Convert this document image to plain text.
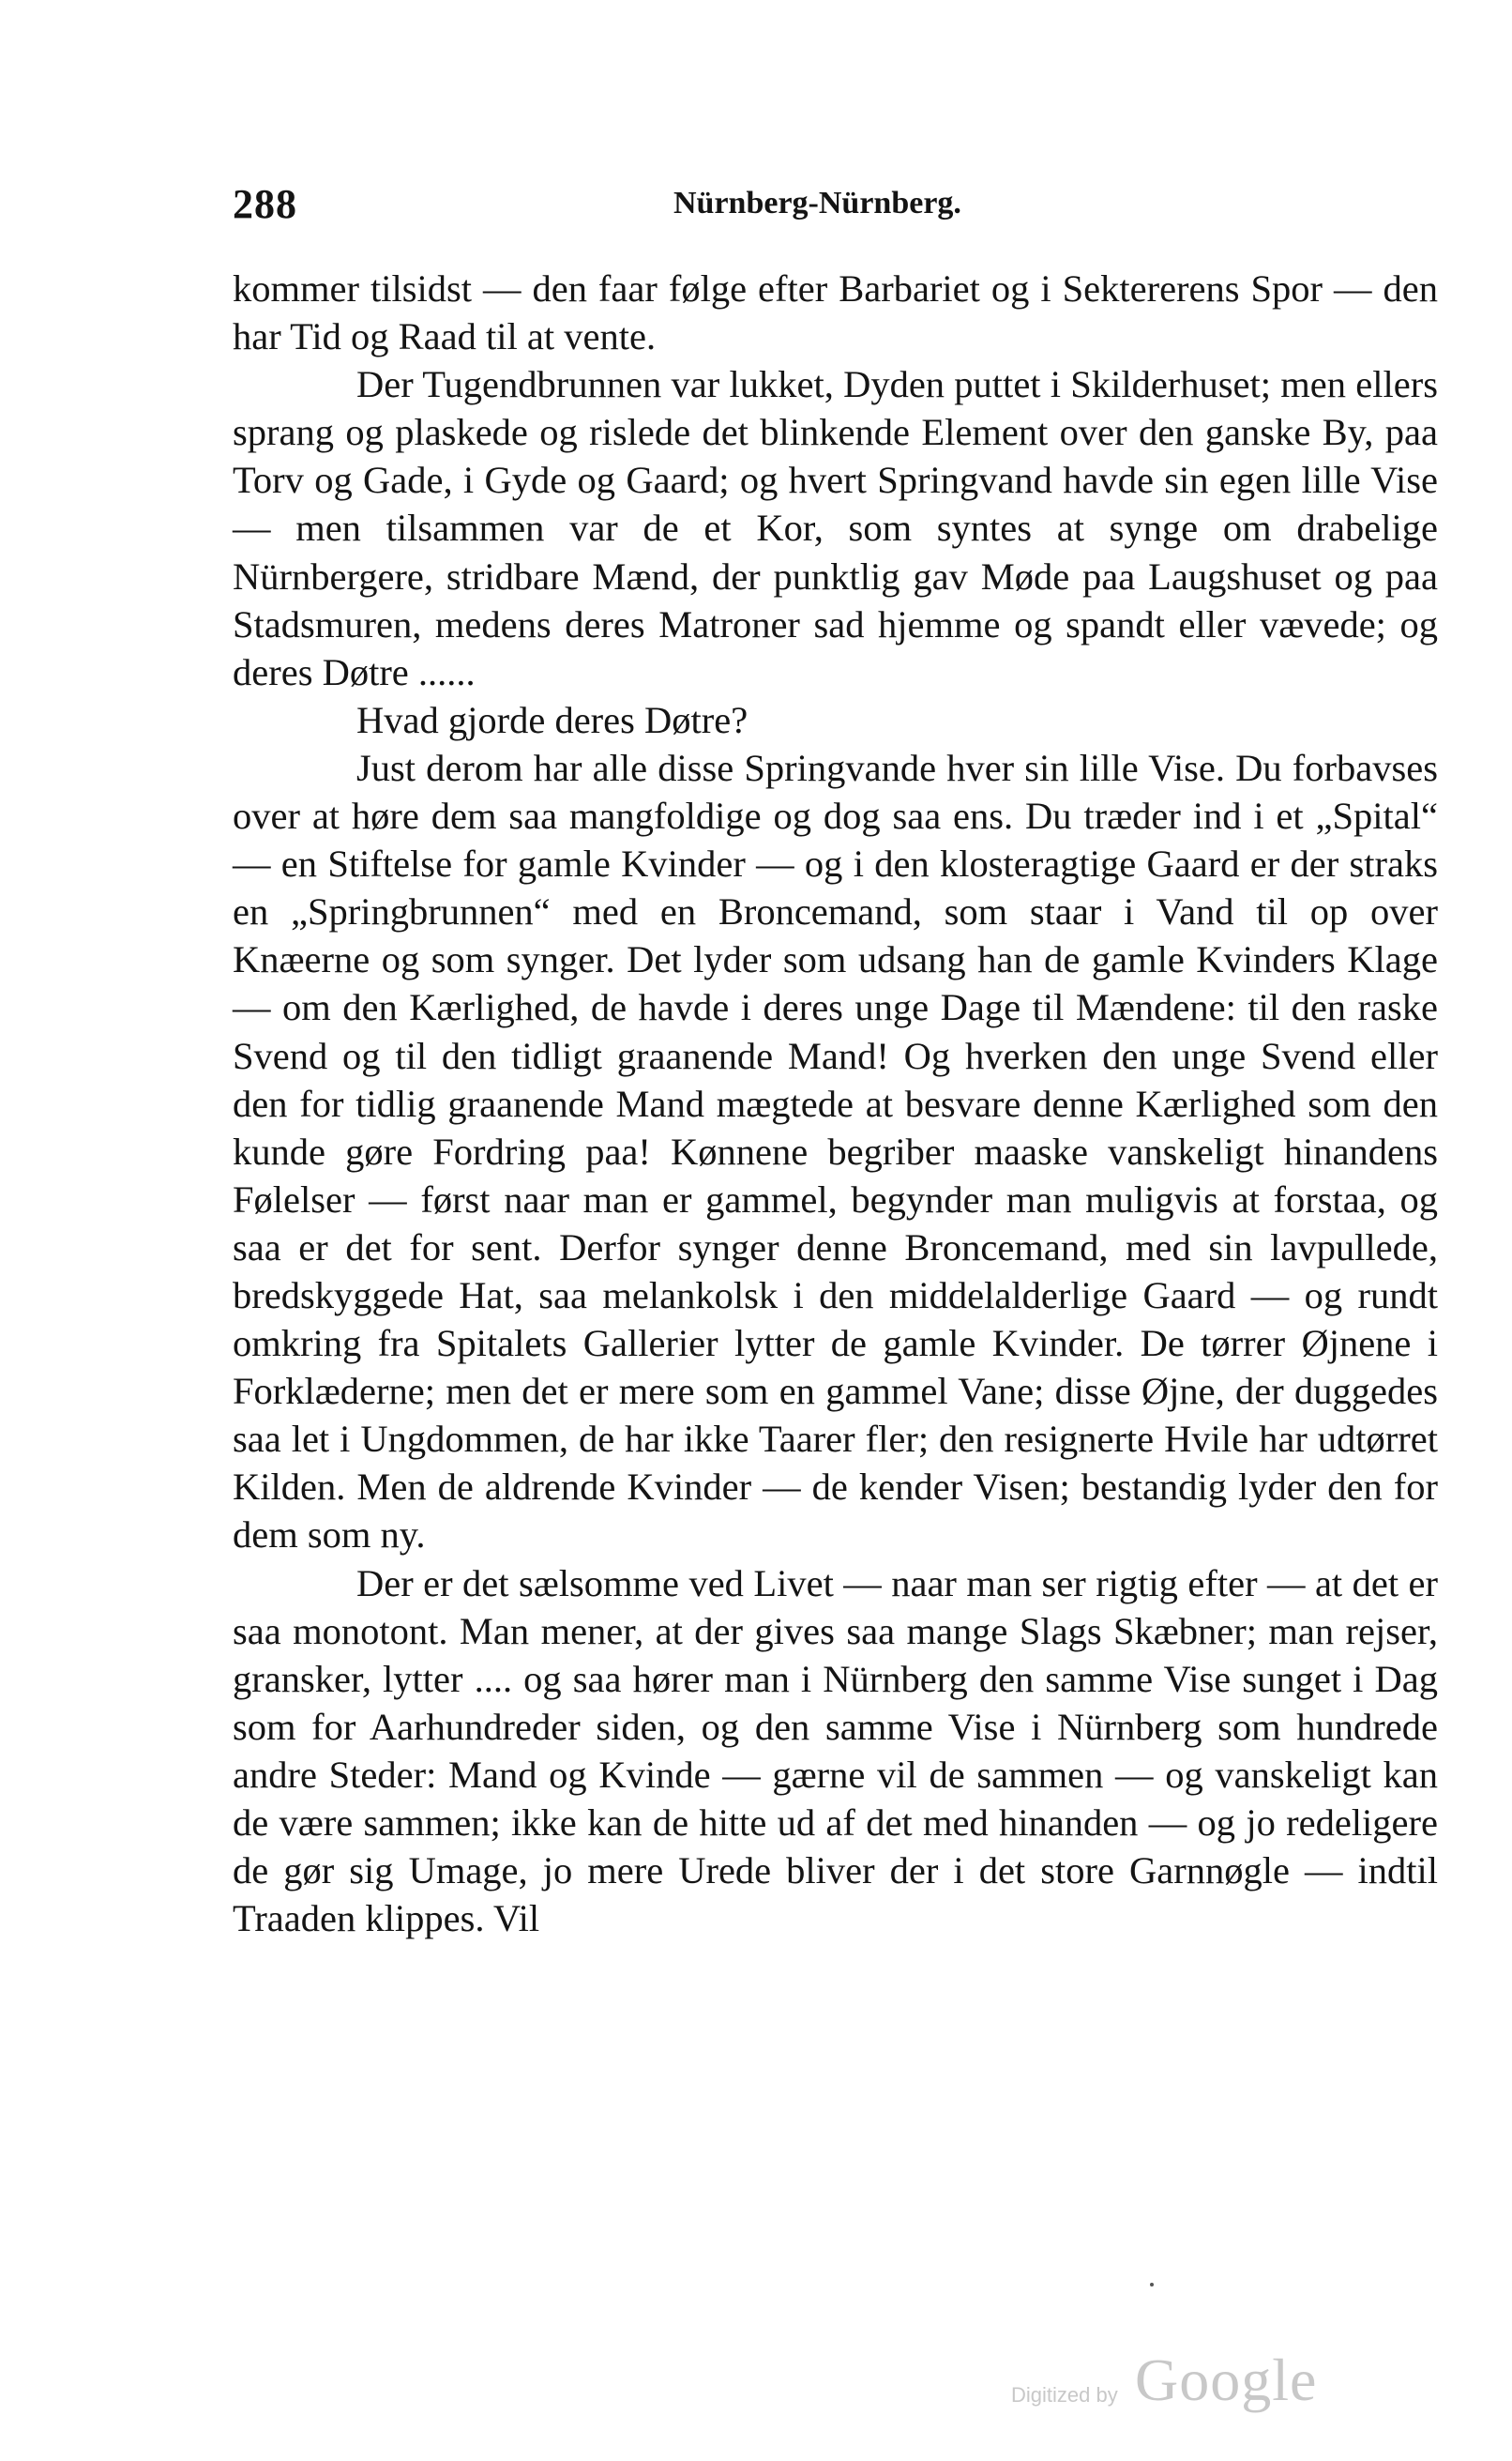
288	Nürnberg-Nürnberg.

kommer tilsidst — den faar følge efter Barbariet og i Sektererens Spor — den har Tid og Raad til at vente.

Der Tugendbrunnen var lukket, Dyden puttet i Skilderhuset; men ellers sprang og plaskede og rislede det blinkende Element over den ganske By, paa Torv og Gade, i Gyde og Gaard; og hvert Springvand havde sin egen lille Vise — men tilsammen var de et Kor, som syntes at synge om drabelige Nürnbergere, stridbare Mænd, der punktlig gav Møde paa Laugshuset og paa Stadsmuren, medens deres Matroner sad hjemme og spandt eller vævede; og deres Døtre ......

Hvad gjorde deres Døtre?

Just derom har alle disse Springvande hver sin lille Vise. Du forbavses over at høre dem saa mangfoldige og dog saa ens. Du træder ind i et „Spital“ — en Stiftelse for gamle Kvinder — og i den klosteragtige Gaard er der straks en „Springbrunnen“ med en Broncemand, som staar i Vand til op over Knæerne og som synger. Det lyder som udsang han de gamle Kvinders Klage — om den Kærlighed, de havde i deres unge Dage til Mændene: til den raske Svend og til den tidligt graanende Mand! Og hverken den unge Svend eller den for tidlig graanende Mand mægtede at besvare denne Kærlighed som den kunde gøre Fordring paa! Kønnene begriber maaske vanskeligt hinandens Følelser — først naar man er gammel, begynder man muligvis at forstaa, og saa er det for sent. Derfor synger denne Broncemand, med sin lavpullede, bredskyggede Hat, saa melankolsk i den middelalderlige Gaard — og rundt omkring fra Spitalets Gallerier lytter de gamle Kvinder. De tørrer Øjnene i Forklæderne; men det er mere som en gammel Vane; disse Øjne, der duggedes saa let i Ungdommen, de har ikke Taarer fler; den resignerte Hvile har udtørret Kilden. Men de aldrende Kvinder — de kender Visen; bestandig lyder den for dem som ny.

Der er det sælsomme ved Livet — naar man ser rigtig efter — at det er saa monotont. Man mener, at der gives saa mange Slags Skæbner; man rejser, gransker, lytter .... og saa hører man i Nürnberg den samme Vise sunget i Dag som for Aarhundreder siden, og den samme Vise i Nürnberg som hundrede andre Steder: Mand og Kvinde — gærne vil de sammen — og vanskeligt kan de være sammen; ikke kan de hitte ud af det med hinanden — og jo redeligere de gør sig Umage, jo mere Urede bliver der i det store Garnnøgle — indtil Traaden klippes. Vil

Digitized by Google
